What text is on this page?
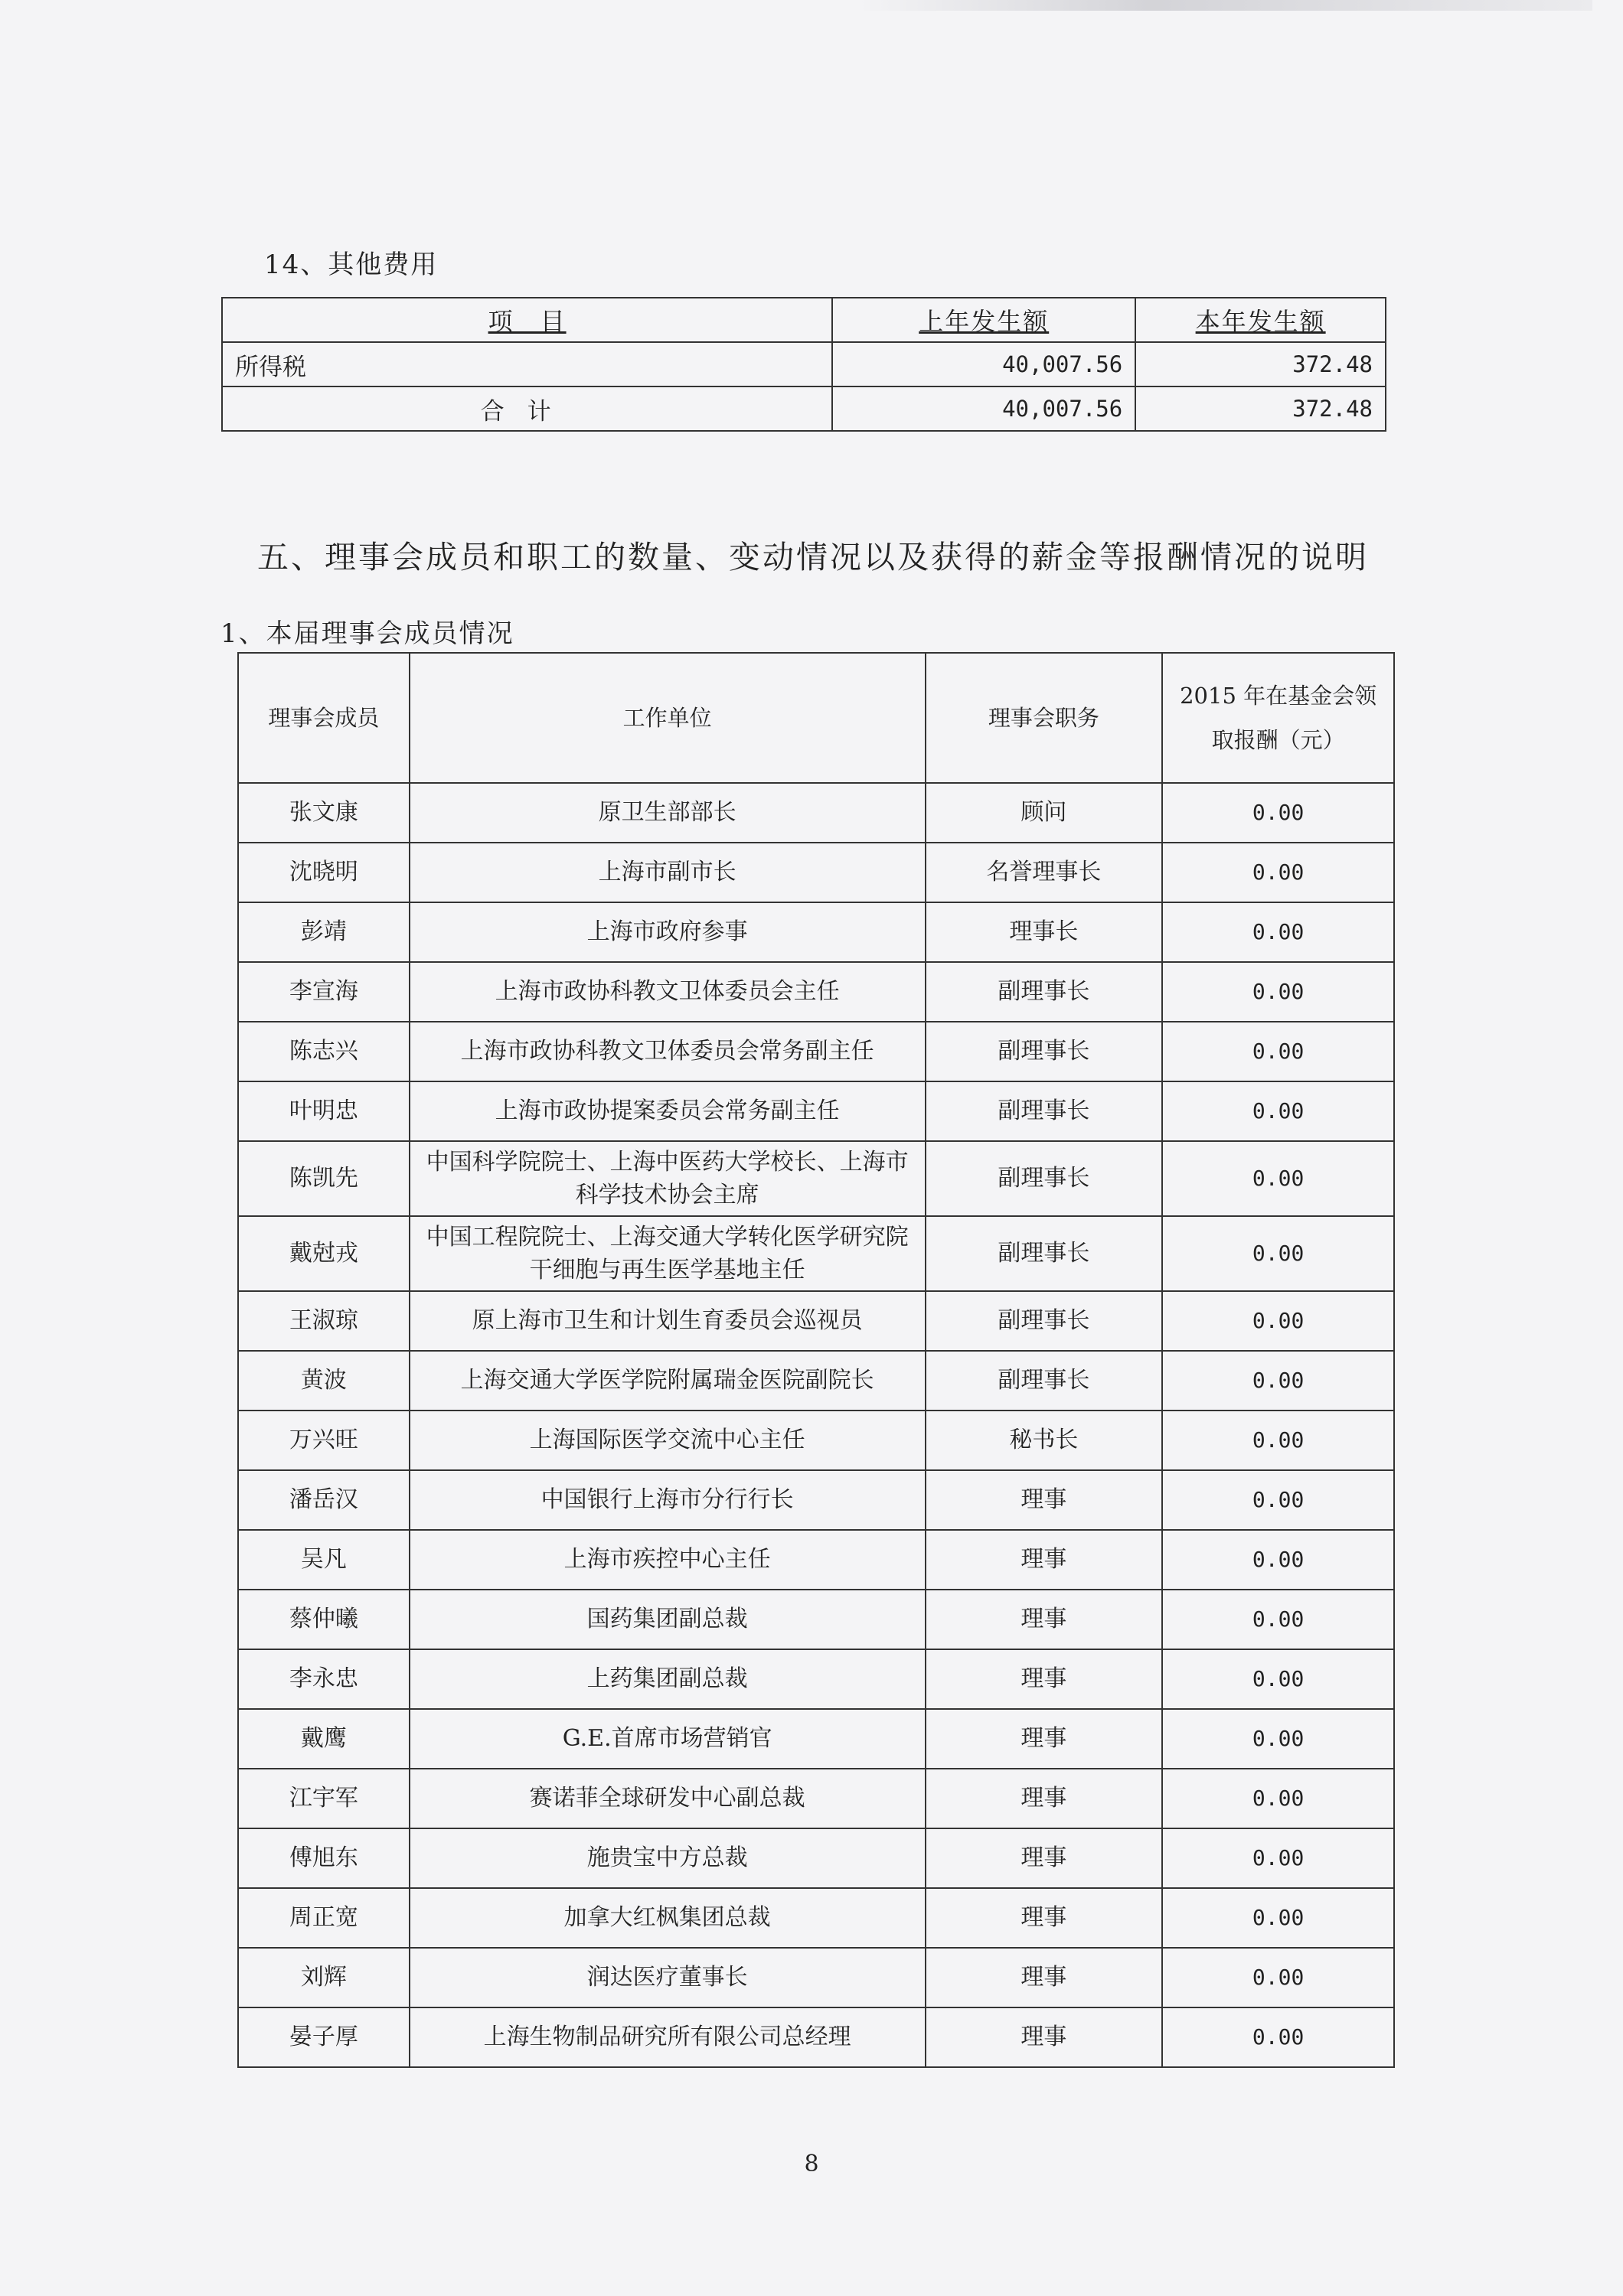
14、其他费用
项　目	上年发生额	本年发生额
所得税	40,007.56	372.48
合计	40,007.56	372.48
五、理事会成员和职工的数量、变动情况以及获得的薪金等报酬情况的说明
1、本届理事会成员情况
理事会成员	工作单位	理事会职务	2015 年在基金会领取报酬（元）
张文康	原卫生部部长	顾问	0.00
沈晓明	上海市副市长	名誉理事长	0.00
彭靖	上海市政府参事	理事长	0.00
李宣海	上海市政协科教文卫体委员会主任	副理事长	0.00
陈志兴	上海市政协科教文卫体委员会常务副主任	副理事长	0.00
叶明忠	上海市政协提案委员会常务副主任	副理事长	0.00
陈凯先	中国科学院院士、上海中医药大学校长、上海市科学技术协会主席	副理事长	0.00
戴尅戎	中国工程院院士、上海交通大学转化医学研究院干细胞与再生医学基地主任	副理事长	0.00
王淑琼	原上海市卫生和计划生育委员会巡视员	副理事长	0.00
黄波	上海交通大学医学院附属瑞金医院副院长	副理事长	0.00
万兴旺	上海国际医学交流中心主任	秘书长	0.00
潘岳汉	中国银行上海市分行行长	理事	0.00
吴凡	上海市疾控中心主任	理事	0.00
蔡仲曦	国药集团副总裁	理事	0.00
李永忠	上药集团副总裁	理事	0.00
戴鹰	G.E.首席市场营销官	理事	0.00
江宇军	赛诺菲全球研发中心副总裁	理事	0.00
傅旭东	施贵宝中方总裁	理事	0.00
周正宽	加拿大红枫集团总裁	理事	0.00
刘辉	润达医疗董事长	理事	0.00
晏子厚	上海生物制品研究所有限公司总经理	理事	0.00
8
